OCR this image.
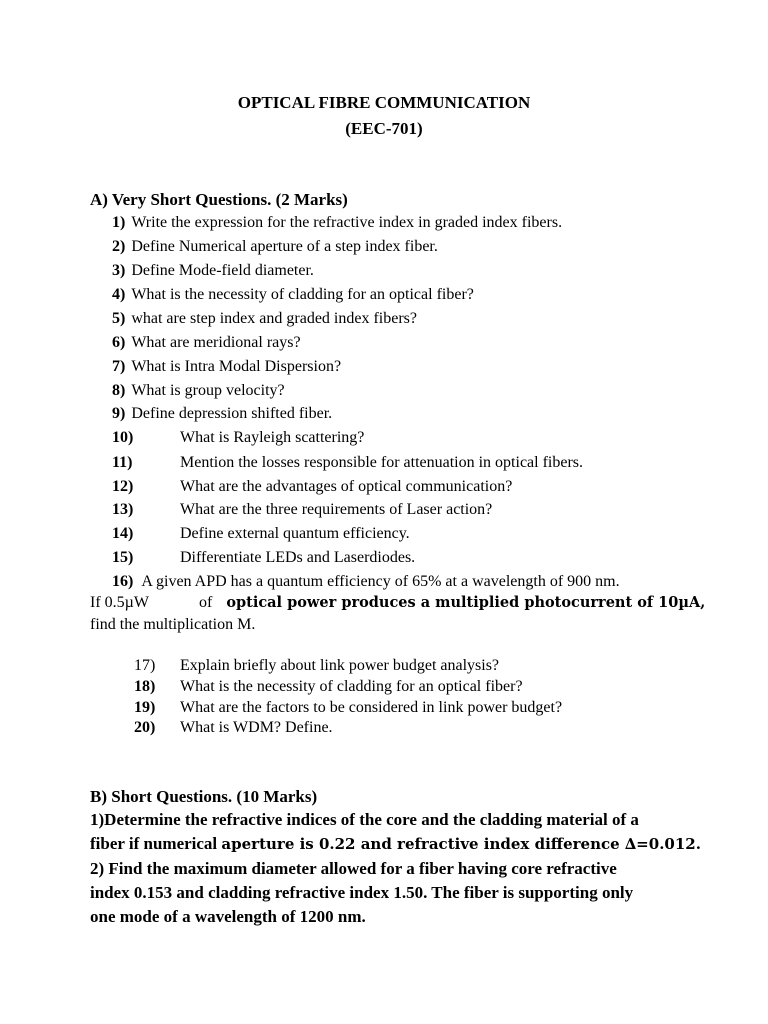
OPTICAL FIBRE COMMUNICATION
(EEC-701)
A) Very Short Questions. (2 Marks)
1) Write the expression for the refractive index in graded index fibers.
2) Define Numerical aperture of a step index fiber.
3) Define Mode-field diameter.
4) What is the necessity of cladding for an optical fiber?
5) what are step index and graded index fibers?
6) What are meridional rays?
7) What is Intra Modal Dispersion?
8) What is group velocity?
9) Define depression shifted fiber.
10)	What is Rayleigh scattering?
11)	Mention the losses responsible for attenuation in optical fibers.
12)	What are the advantages of optical communication?
13)	What are the three requirements of Laser action?
14)	Define external quantum efficiency.
15)	Differentiate LEDs and Laserdiodes.
16) A given APD has a quantum efficiency of 65% at a wavelength of 900 nm.
If 0.5µW	of optical power produces a multiplied photocurrent of 10µA,
find the multiplication M.
17) Explain briefly about link power budget analysis?
18) What is the necessity of cladding for an optical fiber?
19) What are the factors to be considered in link power budget?
20) What is WDM? Define.
B) Short Questions. (10 Marks)
1)Determine the refractive indices of the core and the cladding material of a
fiber if numerical aperture is 0.22 and refractive index difference ∆=0.012.
2) Find the maximum diameter allowed for a fiber having core refractive
index 0.153 and cladding refractive index 1.50. The fiber is supporting only
one mode of a wavelength of 1200 nm.
